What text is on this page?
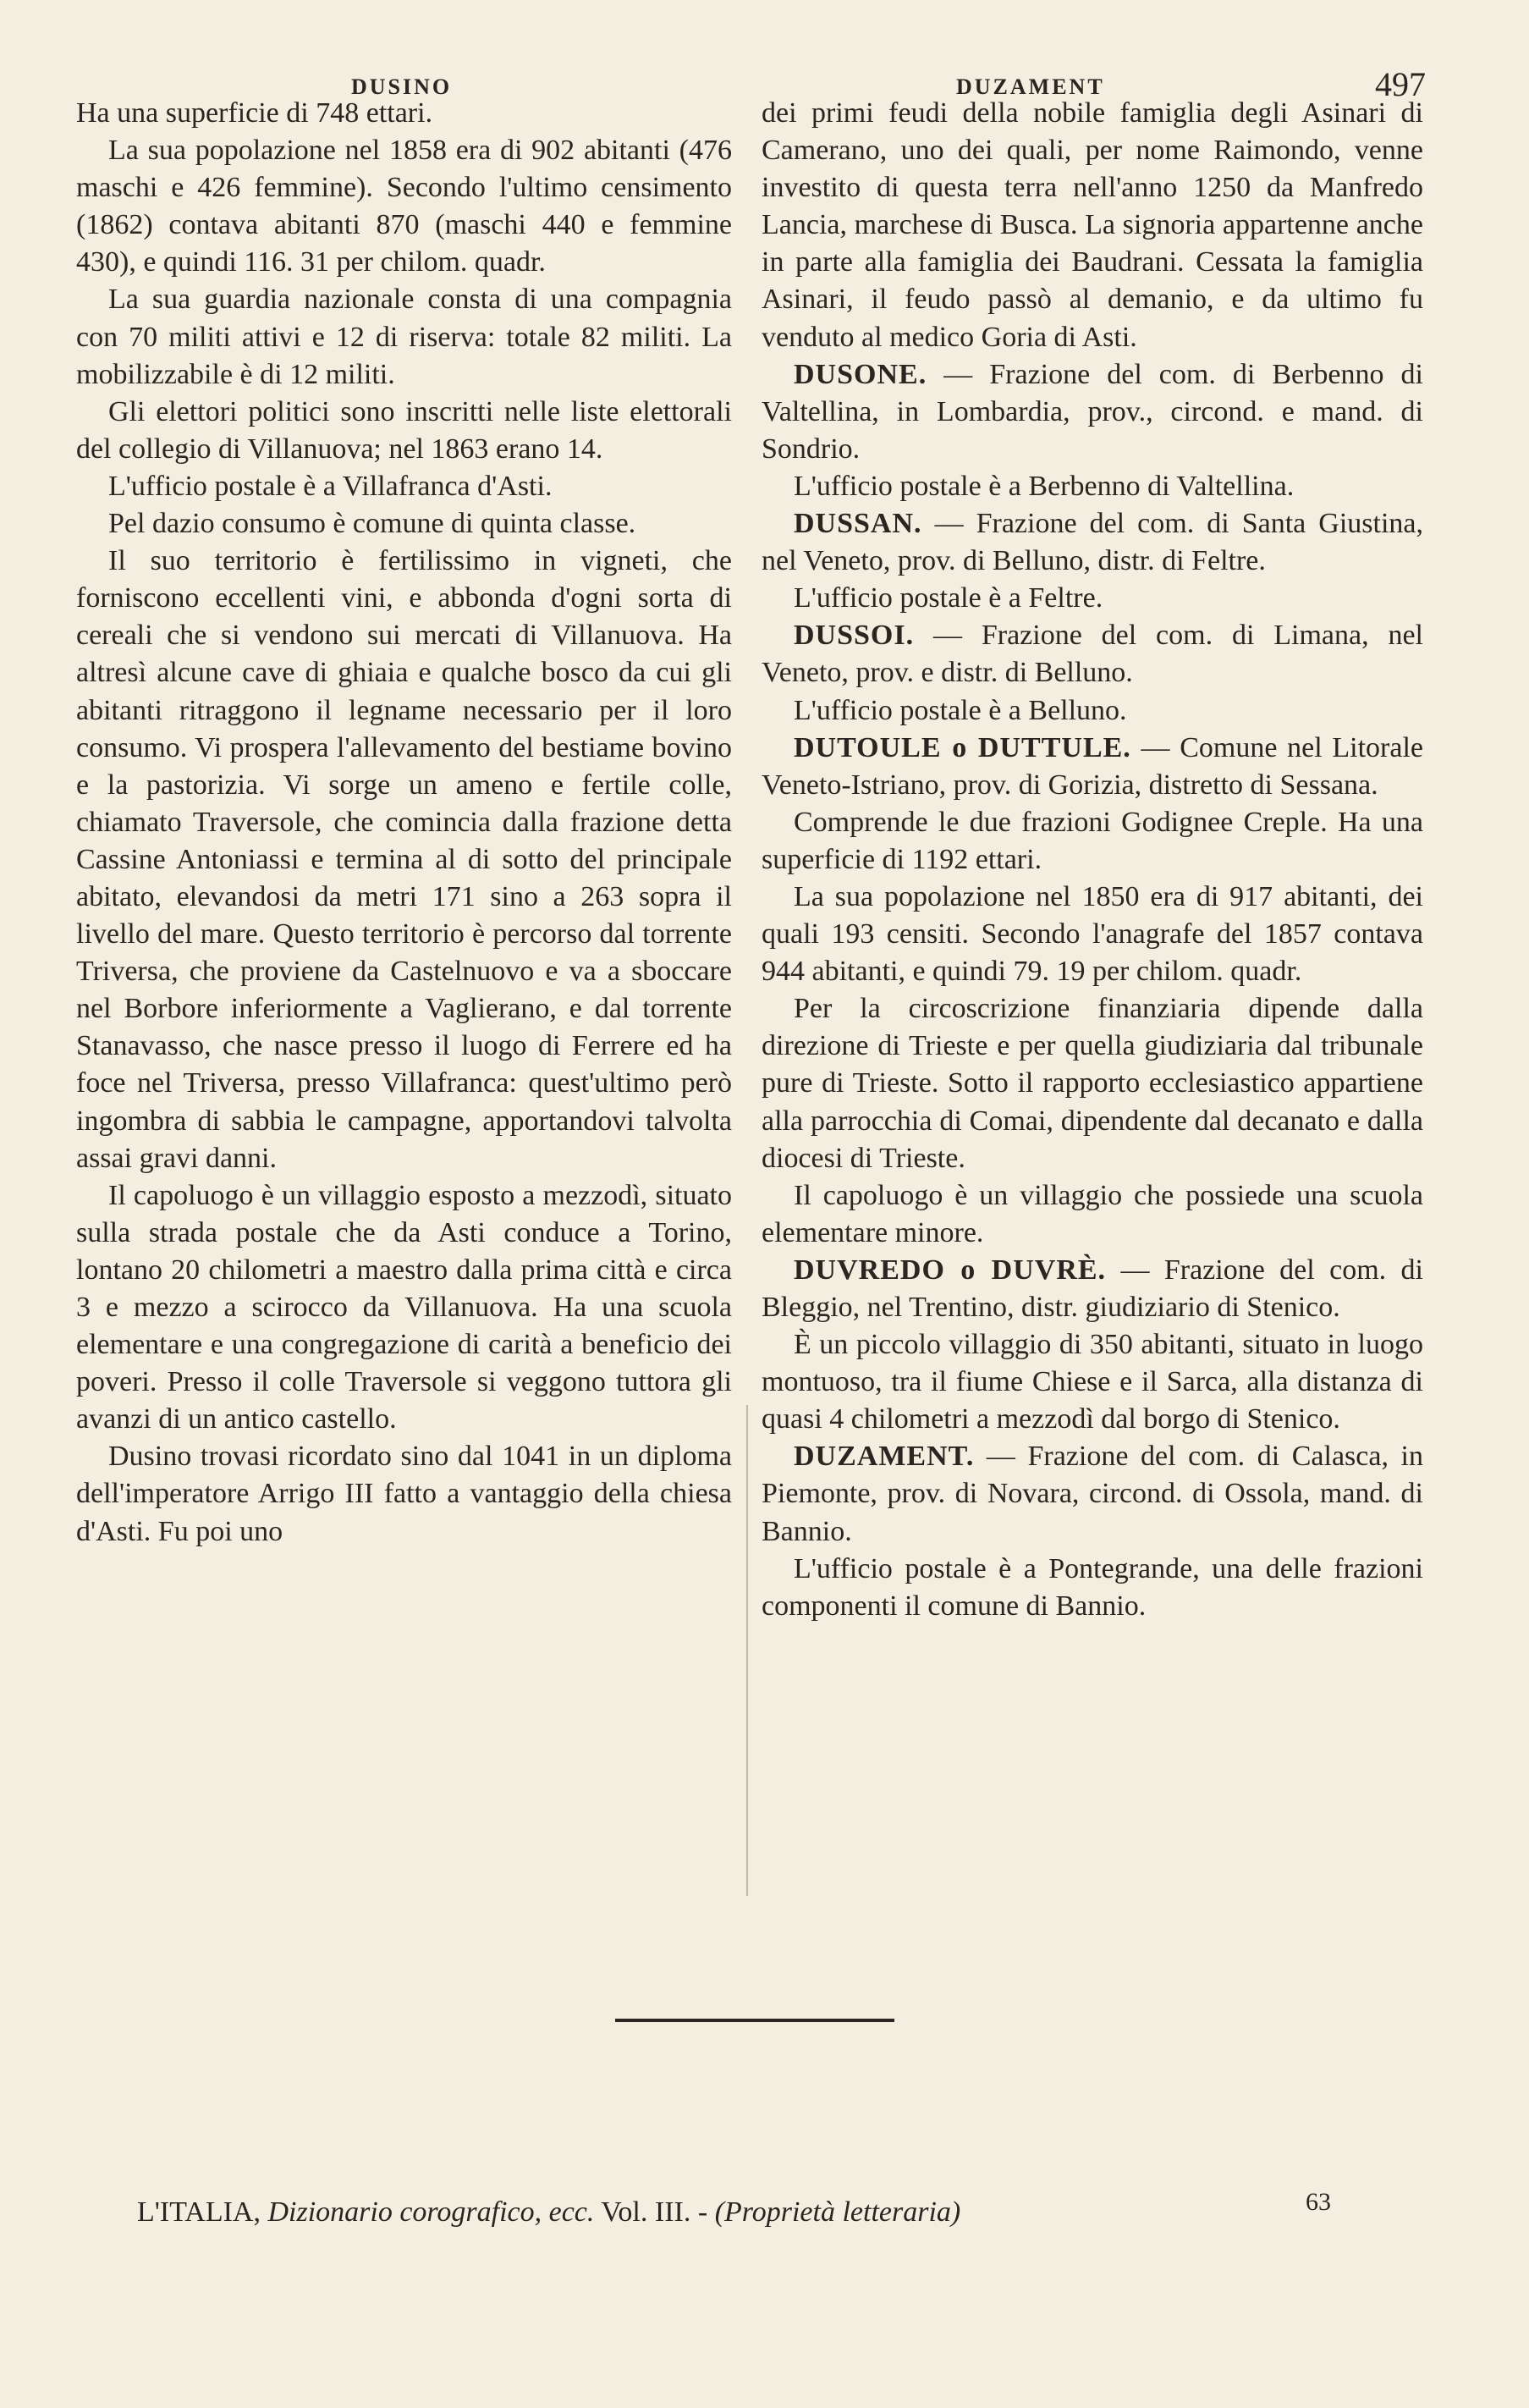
DUSINO	DUZAMENT	497

Ha una superficie di 748 ettari.

La sua popolazione nel 1858 era di 902 abitanti (476 maschi e 426 femmine). Secondo l'ultimo censimento (1862) contava abitanti 870 (maschi 440 e femmine 430), e quindi 116. 31 per chilom. quadr.

La sua guardia nazionale consta di una compagnia con 70 militi attivi e 12 di riserva: totale 82 militi. La mobilizzabile è di 12 militi.

Gli elettori politici sono inscritti nelle liste elettorali del collegio di Villanuova; nel 1863 erano 14.

L'ufficio postale è a Villafranca d'Asti.

Pel dazio consumo è comune di quinta classe.

Il suo territorio è fertilissimo in vigneti, che forniscono eccellenti vini, e abbonda d'ogni sorta di cereali che si vendono sui mercati di Villanuova. Ha altresì alcune cave di ghiaia e qualche bosco da cui gli abitanti ritraggono il legname necessario per il loro consumo. Vi prospera l'allevamento del bestiame bovino e la pastorizia. Vi sorge un ameno e fertile colle, chiamato Traversole, che comincia dalla frazione detta Cassine Antoniassi e termina al di sotto del principale abitato, elevandosi da metri 171 sino a 263 sopra il livello del mare. Questo territorio è percorso dal torrente Triversa, che proviene da Castelnuovo e va a sboccare nel Borbore inferiormente a Vaglierano, e dal torrente Stanavasso, che nasce presso il luogo di Ferrere ed ha foce nel Triversa, presso Villafranca: quest'ultimo però ingombra di sabbia le campagne, apportandovi talvolta assai gravi danni.

Il capoluogo è un villaggio esposto a mezzodì, situato sulla strada postale che da Asti conduce a Torino, lontano 20 chilometri a maestro dalla prima città e circa 3 e mezzo a scirocco da Villanuova. Ha una scuola elementare e una congregazione di carità a beneficio dei poveri. Presso il colle Traversole si veggono tuttora gli avanzi di un antico castello.

Dusino trovasi ricordato sino dal 1041 in un diploma dell'imperatore Arrigo III fatto a vantaggio della chiesa d'Asti. Fu poi uno

dei primi feudi della nobile famiglia degli Asinari di Camerano, uno dei quali, per nome Raimondo, venne investito di questa terra nell'anno 1250 da Manfredo Lancia, marchese di Busca. La signoria appartenne anche in parte alla famiglia dei Baudrani. Cessata la famiglia Asinari, il feudo passò al demanio, e da ultimo fu venduto al medico Goria di Asti.

DUSONE. — Frazione del com. di Berbenno di Valtellina, in Lombardia, prov., circond. e mand. di Sondrio.

L'ufficio postale è a Berbenno di Valtellina.

DUSSAN. — Frazione del com. di Santa Giustina, nel Veneto, prov. di Belluno, distr. di Feltre.

L'ufficio postale è a Feltre.

DUSSOI. — Frazione del com. di Limana, nel Veneto, prov. e distr. di Belluno.

L'ufficio postale è a Belluno.

DUTOULE o DUTTULE. — Comune nel Litorale Veneto-Istriano, prov. di Gorizia, distretto di Sessana.

Comprende le due frazioni Godignee Creple. Ha una superficie di 1192 ettari.

La sua popolazione nel 1850 era di 917 abitanti, dei quali 193 censiti. Secondo l'anagrafe del 1857 contava 944 abitanti, e quindi 79. 19 per chilom. quadr.

Per la circoscrizione finanziaria dipende dalla direzione di Trieste e per quella giudiziaria dal tribunale pure di Trieste. Sotto il rapporto ecclesiastico appartiene alla parrocchia di Comai, dipendente dal decanato e dalla diocesi di Trieste.

Il capoluogo è un villaggio che possiede una scuola elementare minore.

DUVREDO o DUVRÈ. — Frazione del com. di Bleggio, nel Trentino, distr. giudiziario di Stenico.

È un piccolo villaggio di 350 abitanti, situato in luogo montuoso, tra il fiume Chiese e il Sarca, alla distanza di quasi 4 chilometri a mezzodì dal borgo di Stenico.

DUZAMENT. — Frazione del com. di Calasca, in Piemonte, prov. di Novara, circond. di Ossola, mand. di Bannio.

L'ufficio postale è a Pontegrande, una delle frazioni componenti il comune di Bannio.

L'ITALIA, Dizionario corografico, ecc. Vol. III. - (Proprietà letteraria)	63
